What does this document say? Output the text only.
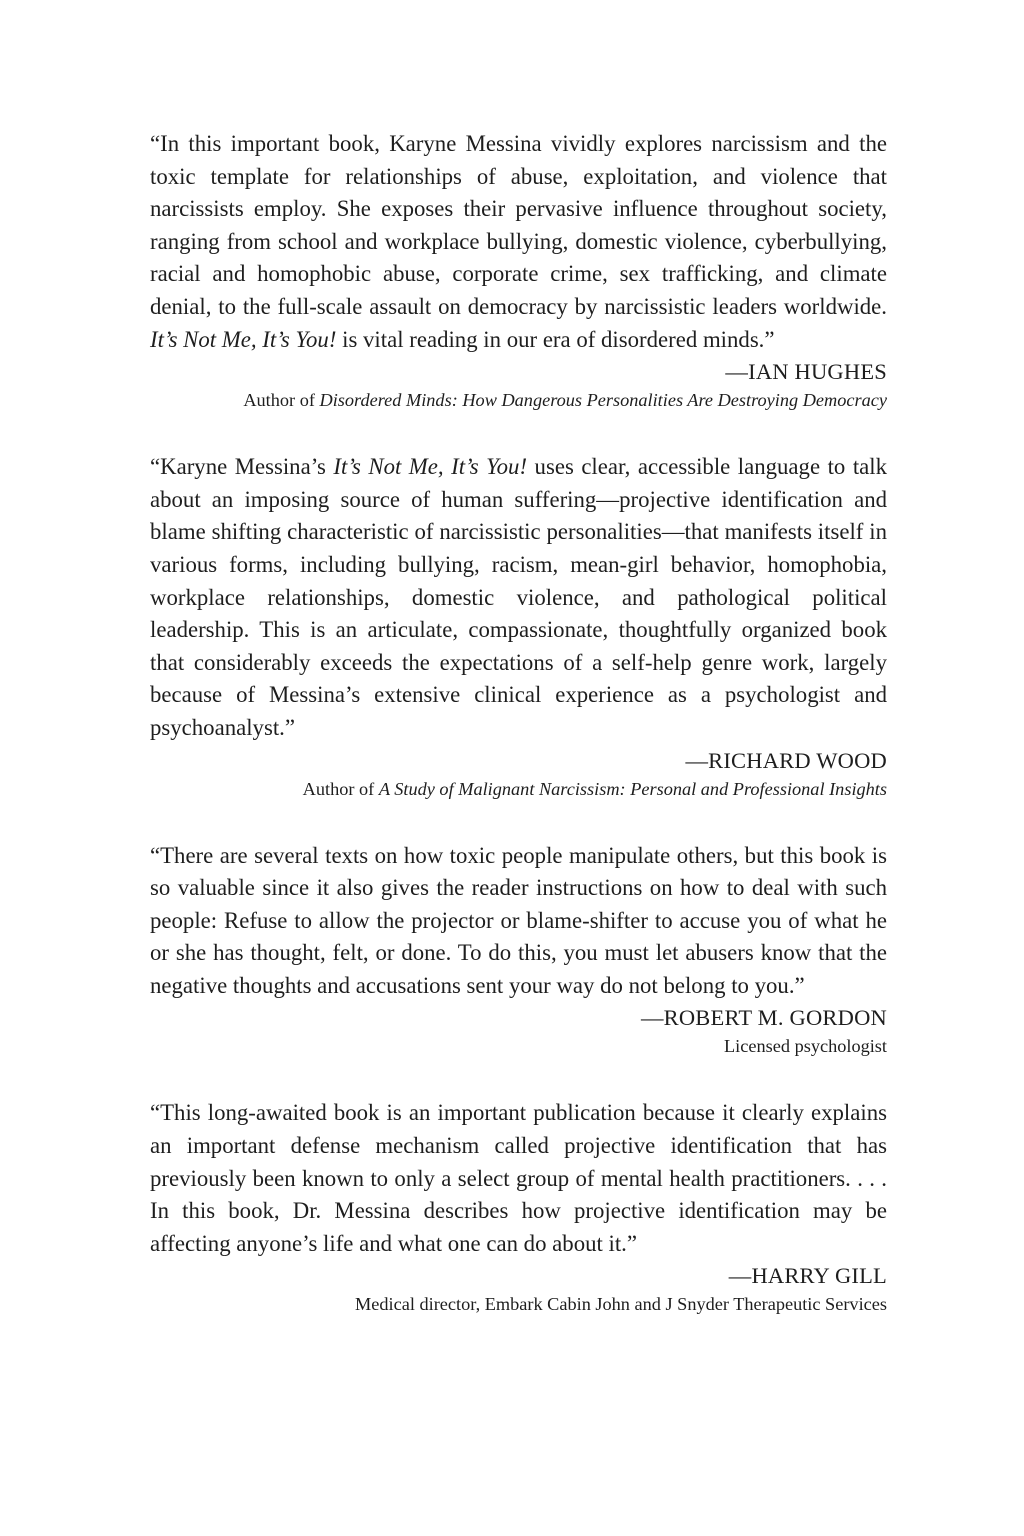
“In this important book, Karyne Messina vividly explores narcissism and the toxic template for relationships of abuse, exploitation, and violence that narcissists employ. She exposes their pervasive influence throughout society, ranging from school and workplace bullying, domestic violence, cyberbullying, racial and homophobic abuse, corporate crime, sex trafficking, and climate denial, to the full-scale assault on democracy by narcissistic leaders worldwide. It’s Not Me, It’s You! is vital reading in our era of disordered minds.”

—IAN HUGHES
Author of Disordered Minds: How Dangerous Personalities Are Destroying Democracy

“Karyne Messina’s It’s Not Me, It’s You! uses clear, accessible language to talk about an imposing source of human suffering—projective identification and blame shifting characteristic of narcissistic personalities—that manifests itself in various forms, including bullying, racism, mean-girl behavior, homophobia, workplace relationships, domestic violence, and pathological political leadership. This is an articulate, compassionate, thoughtfully organized book that considerably exceeds the expectations of a self-help genre work, largely because of Messina’s extensive clinical experience as a psychologist and psychoanalyst.”

—RICHARD WOOD
Author of A Study of Malignant Narcissism: Personal and Professional Insights

“There are several texts on how toxic people manipulate others, but this book is so valuable since it also gives the reader instructions on how to deal with such people: Refuse to allow the projector or blame-shifter to accuse you of what he or she has thought, felt, or done. To do this, you must let abusers know that the negative thoughts and accusations sent your way do not belong to you.”

—ROBERT M. GORDON
Licensed psychologist

“This long-awaited book is an important publication because it clearly explains an important defense mechanism called projective identification that has previously been known to only a select group of mental health practitioners. . . . In this book, Dr. Messina describes how projective identification may be affecting anyone’s life and what one can do about it.”

—HARRY GILL
Medical director, Embark Cabin John and J Snyder Therapeutic Services
